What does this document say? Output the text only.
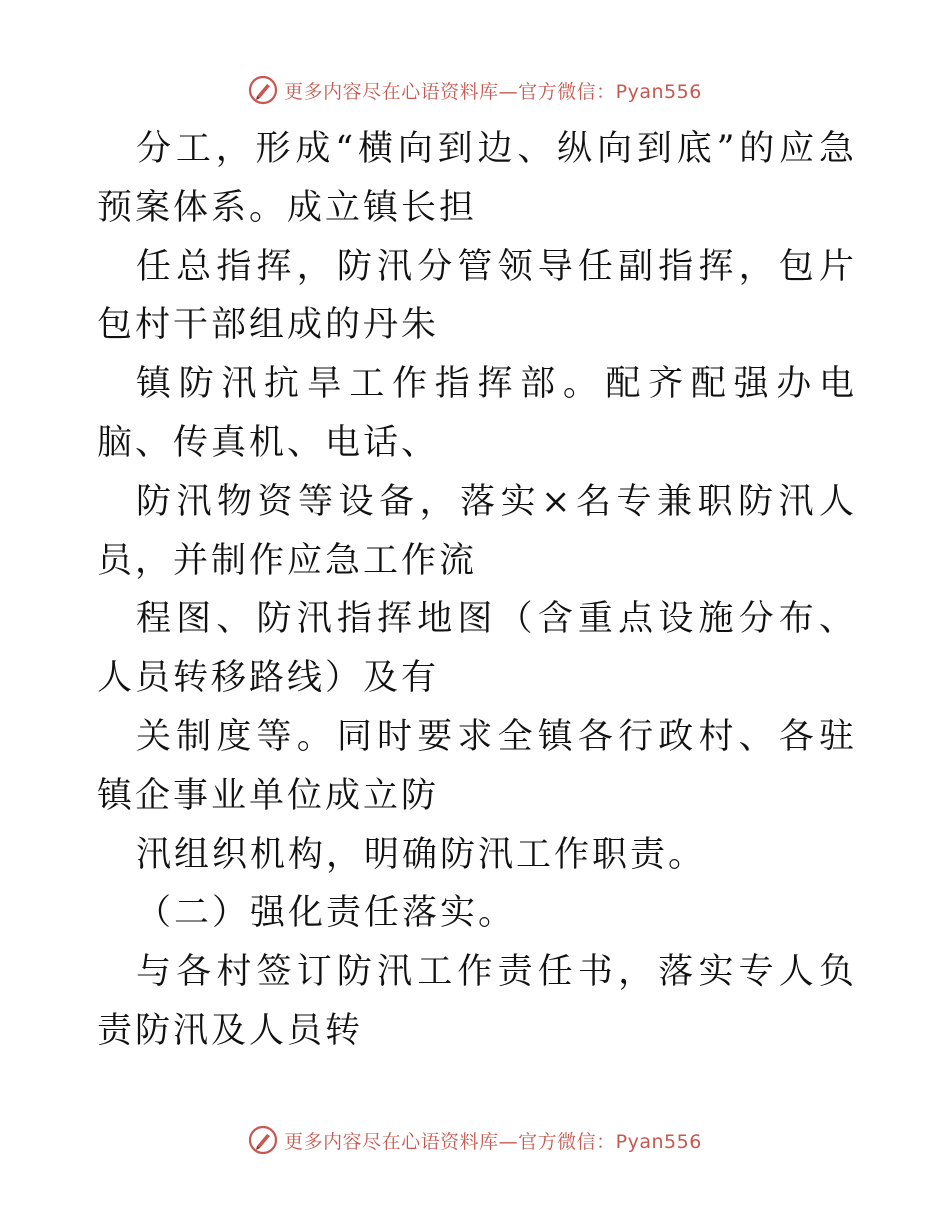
更多内容尽在心语资料库—官方微信：Pyan556

分工，形成“横向到边、纵向到底”的应急预案体系。成立镇长担

任总指挥，防汛分管领导任副指挥，包片包村干部组成的丹朱

镇防汛抗旱工作指挥部。配齐配强办电脑、传真机、电话、

防汛物资等设备，落实×名专兼职防汛人员，并制作应急工作流

程图、防汛指挥地图（含重点设施分布、人员转移路线）及有

关制度等。同时要求全镇各行政村、各驻镇企事业单位成立防

汛组织机构，明确防汛工作职责。

（二）强化责任落实。

与各村签订防汛工作责任书，落实专人负责防汛及人员转

更多内容尽在心语资料库—官方微信：Pyan556
